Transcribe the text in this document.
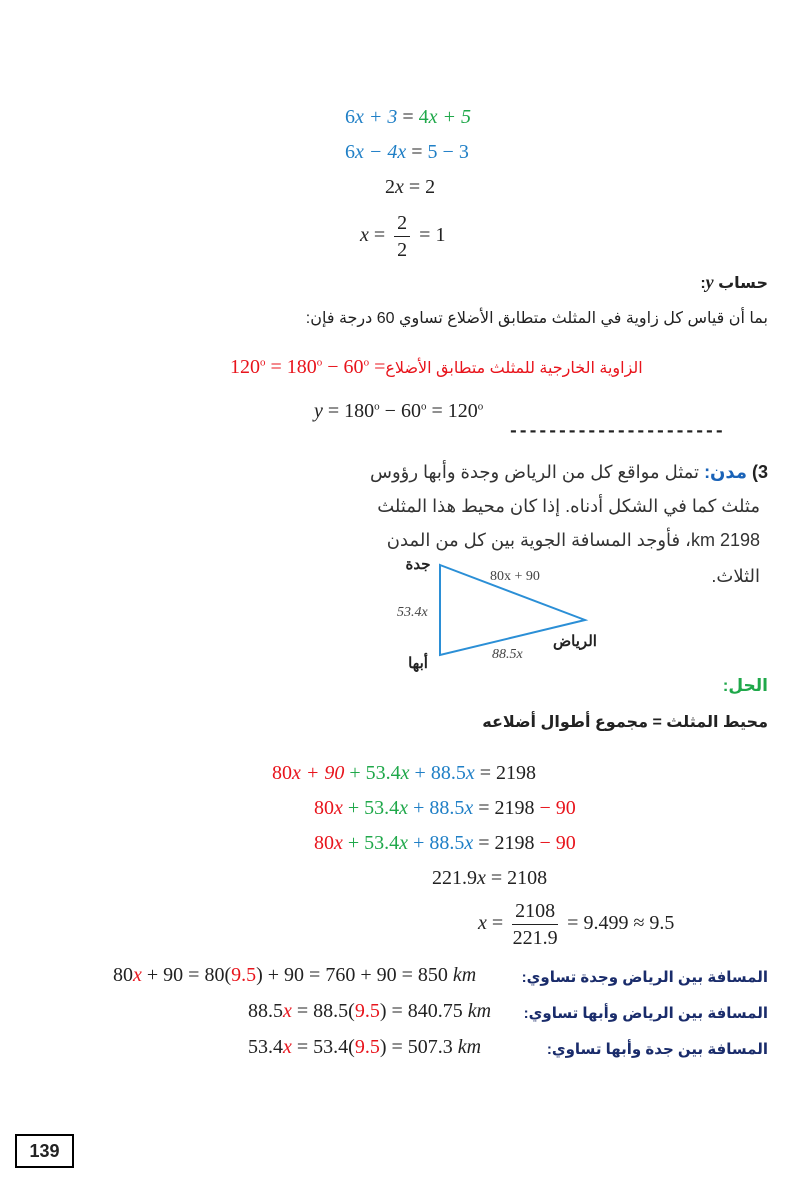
6x + 3 = 4x + 5
6x − 4x = 5 − 3
2x = 2
$x = \frac{2}{2} = 1$
حساب y:
بما أن قياس كل زاوية في المثلث متطابق الأضلاع تساوي 60 درجة فإن:
$120^o = 180^o - 60^o$ =الزاوية الخارجية للمثلث متطابق الأضلاع
$y = 180^o - 60^o = 120^o$
----------------------
3) مدن: تمثل مواقع كل من الرياض وجدة وأبها رؤوس
مثلث كما في الشكل أدناه. إذا كان محيط هذا المثلث
2198 km، فأوجد المسافة الجوية بين كل من المدن
الثلاث.
جدة
أبها
الرياض
80x + 90
53.4x
88.5x
الحل:
محيط المثلث = مجموع أطوال أضلاعه
80x + 90 + 53.4x + 88.5x = 2198
80x + 53.4x + 88.5x = 2198 − 90
80x + 53.4x + 88.5x = 2198 − 90
221.9x = 2108
$x = \frac{2108}{221.9} = 9.499 \approx 9.5$
المسافة بين الرياض وجدة تساوي:
80x + 90 = 80(9.5) + 90 = 760 + 90 = 850 km
المسافة بين الرياض وأبها تساوي:
88.5x = 88.5(9.5) = 840.75 km
المسافة بين جدة وأبها تساوي:
53.4x = 53.4(9.5) = 507.3 km
139
